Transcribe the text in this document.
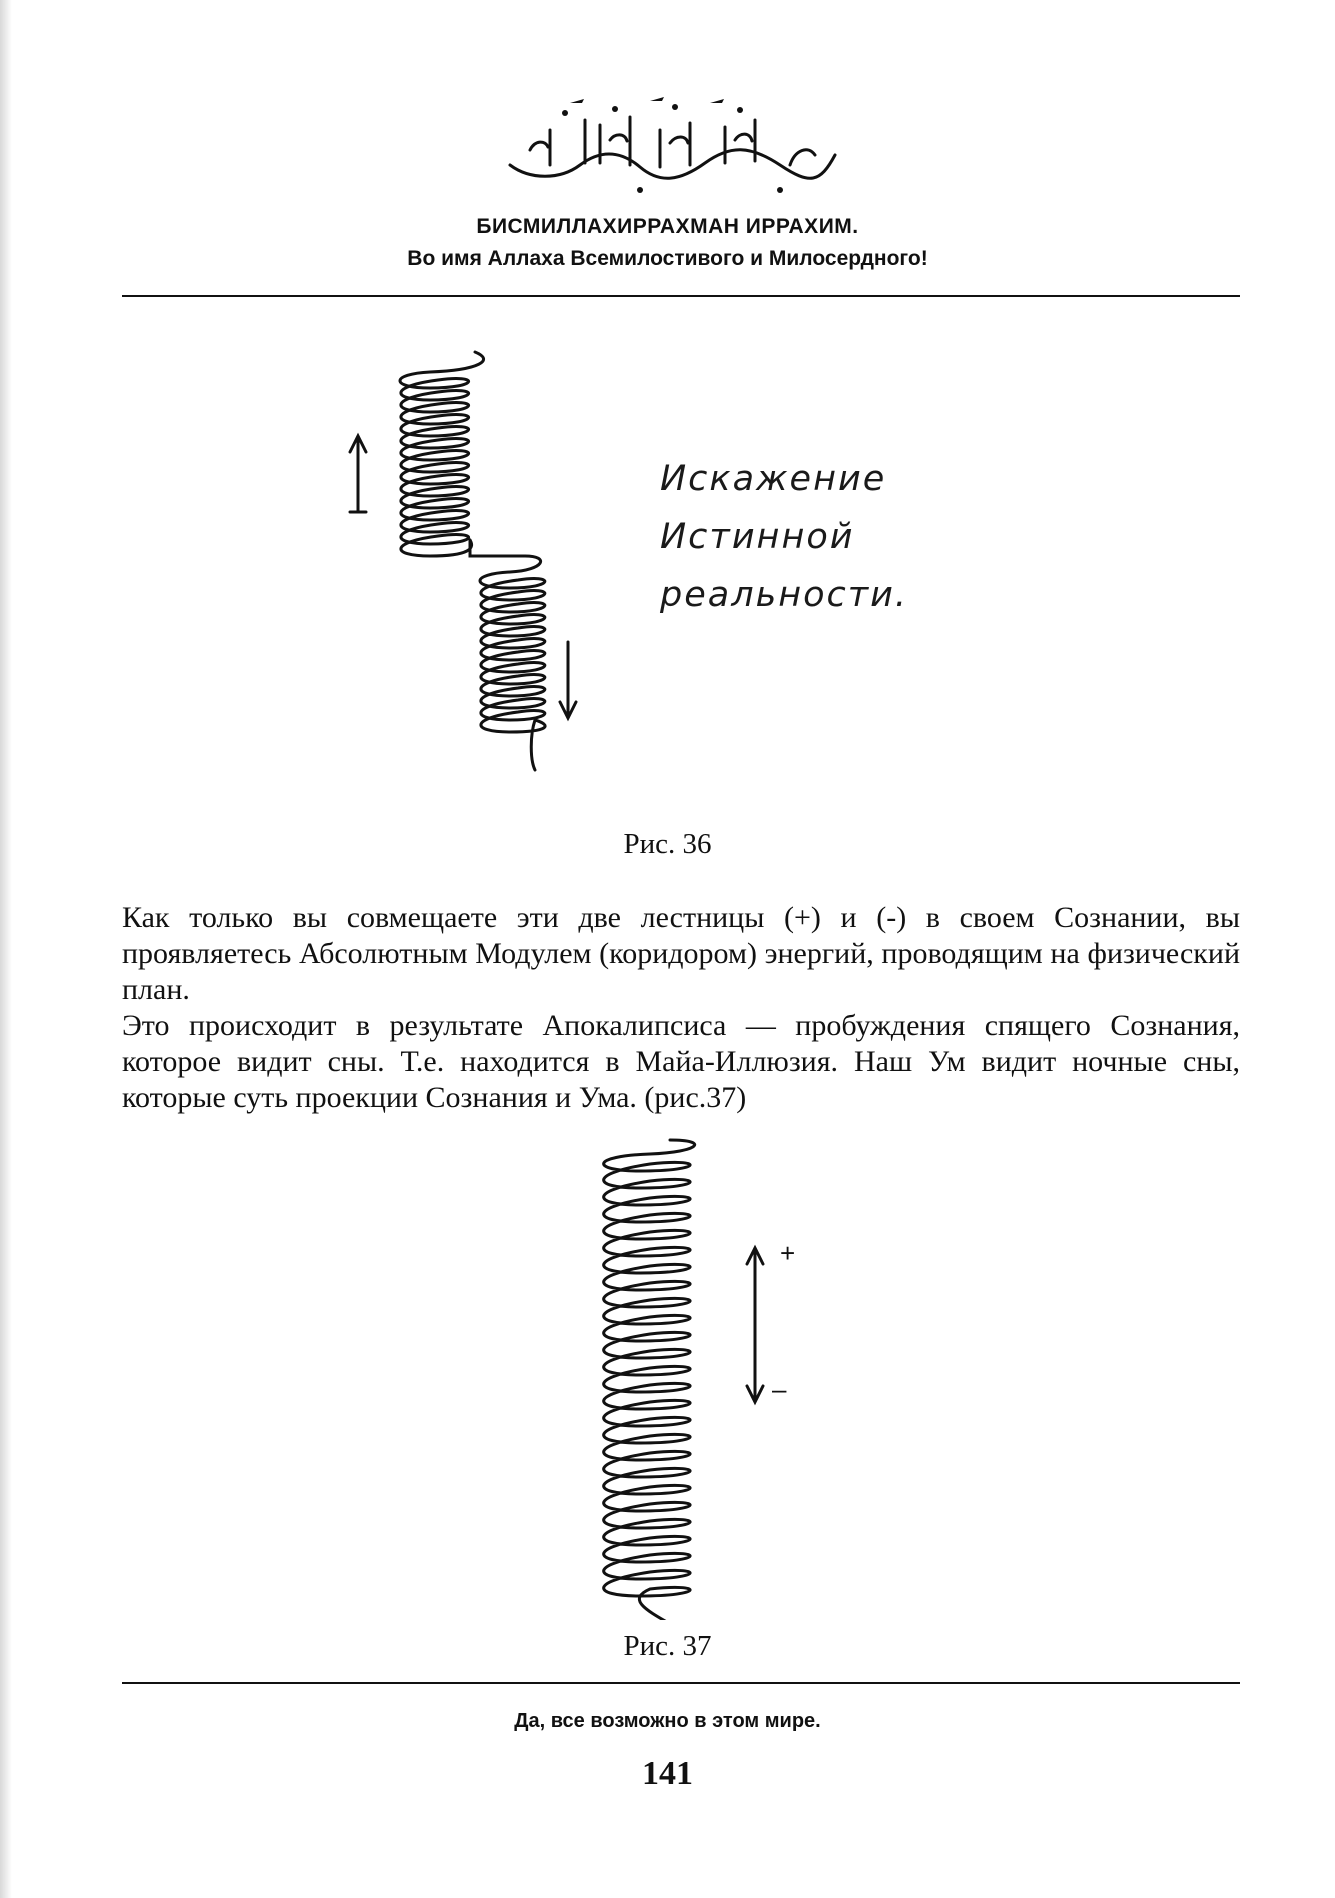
بِسْمِ ٱللَّهِ ٱلرَّحْمَٰنِ ٱلرَّحِيمِ
БИСМИЛЛАХИРРАХМАН ИРРАХИМ.
Во имя Аллаха Всемилостивого и Милосердного!
Искажение
Истинной
реальности.
Рис. 36

Как только вы совмещаете эти две лестницы (+) и (-) в своем Сознании, вы проявляетесь Абсолютным Модулем (коридором) энергий, проводящим на физический план.

Это происходит в результате Апокалипсиса — пробуждения спящего Сознания, которое видит сны. Т.е. находится в Майа-Иллюзия. Наш Ум видит ночные сны, которые суть проекции Сознания и Ума. (рис.37)

+
–
Рис. 37
Да, все возможно в этом мире.
141
